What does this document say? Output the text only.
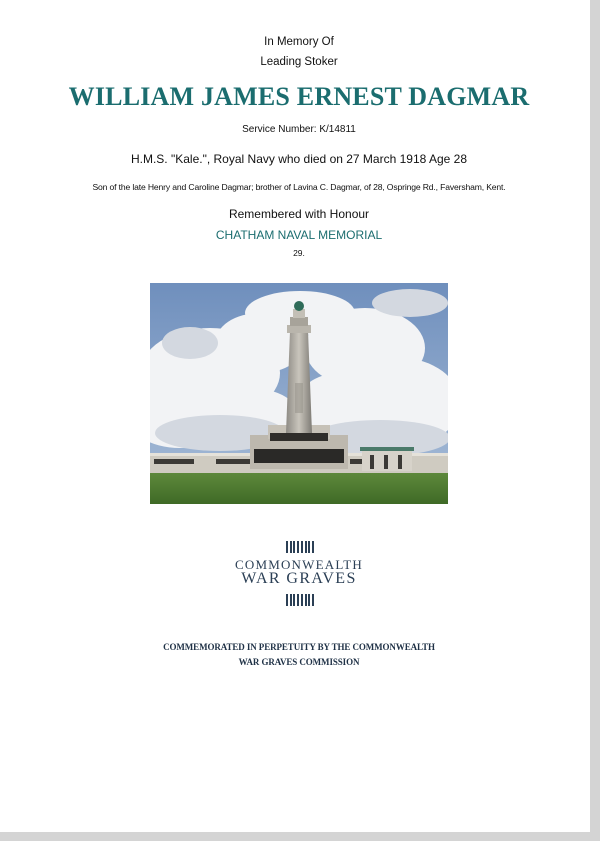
In Memory Of
Leading Stoker
WILLIAM JAMES ERNEST DAGMAR
Service Number: K/14811
H.M.S. "Kale.", Royal Navy who died on 27 March 1918 Age 28
Son of the late Henry and Caroline Dagmar; brother of Lavina C. Dagmar, of 28, Ospringe Rd., Faversham, Kent.
Remembered with Honour
CHATHAM NAVAL MEMORIAL
29.
COMMONWEALTH
WAR GRAVES
COMMEMORATED IN PERPETUITY BY THE COMMONWEALTH
WAR GRAVES COMMISSION
